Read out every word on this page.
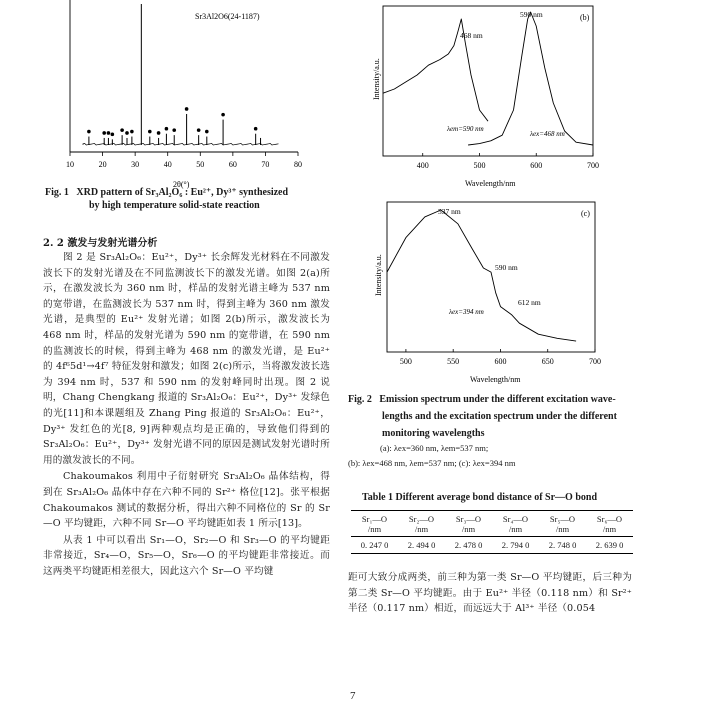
10	20	30	40	50	60	70	80
Sr3Al2O6(24-1187)
2θ(°)
Fig. 1 XRD pattern of Sr₃Al₂O₆ : Eu²⁺, Dy³⁺ synthesized
by high temperature solid-state reaction
2. 2 激发与发射光谱分析

图 2 是 Sr₃Al₂O₆：Eu²⁺，Dy³⁺ 长余辉发光材料在不同激发波长下的发射光谱及在不同监测波长下的激发光谱。如图 2(a)所示，在激发波长为 360 nm 时，样品的发射光谱主峰为 537 nm 的宽带谱，在监测波长为 537 nm 时，得到主峰为 360 nm 激发光谱，是典型的 Eu²⁺ 发射光谱；如图 2(b)所示，激发波长为 468 nm 时，样品的发射光谱为 590 nm 的宽带谱，在 590 nm 的监测波长的时候，得到主峰为 468 nm 的激发光谱，是 Eu²⁺ 的 4f⁶5d¹→4f⁷ 特征发射和激发；如图 2(c)所示，当将激发波长选为 394 nm 时，537 和 590 nm 的发射峰同时出现。图 2 说明，Chang Chengkang 报道的 Sr₃Al₂O₆：Eu²⁺，Dy³⁺ 发绿色的光[11]和本课题组及 Zhang Ping 报道的 Sr₃Al₂O₆：Eu²⁺，Dy³⁺ 发红色的光[8, 9]两种观点均是正确的，导致他们得到的 Sr₃Al₂O₆：Eu²⁺，Dy³⁺ 发射光谱不同的原因是测试发射光谱时所用的激发波长的不同。

Chakoumakos 利用中子衍射研究 Sr₃Al₂O₆ 晶体结构，得到在 Sr₃Al₂O₆ 晶体中存在六种不同的 Sr²⁺ 格位[12]。张平根据 Chakoumakos 测试的数据分析，得出六种不同格位的 Sr 的 Sr—O 平均键距，六种不同 Sr—O 平均键距如表 1 所示[13]。

从表 1 中可以看出 Sr₁—O，Sr₂—O 和 Sr₃—O 的平均键距非常接近，Sr₄—O，Sr₅—O，Sr₆—O 的平均键距非常接近。而这两类平均键距相差很大，因此这六个 Sr—O 平均键

距可大致分成两类，前三种为第一类 Sr—O 平均键距，后三种为第二类 Sr—O 平均键距。由于 Eu²⁺ 半径（0.118 nm）和 Sr²⁺ 半径（0.117 nm）相近，而远远大于 Al³⁺ 半径（0.054

400	500	600	700
(b)
468 nm
590 nm
λem=590 nm
λex=468 nm
Intensity/a.u.
Wavelength/nm
500	550	600	650	700
(c)
537 nm
590 nm
612 nm
λex=394 nm
Intensity/a.u.
Wavelength/nm
Fig. 2 Emission spectrum under the different excitation wave-
lengths and the excitation spectrum under the different
monitoring wavelengths
(a): λex=360 nm, λem=537 nm;
(b): λex=468 nm, λem=537 nm; (c): λex=394 nm
Table 1 Different average bond distance of Sr—O bond
Sr₁—O	Sr₂—O	Sr₃—O	Sr₄—O	Sr₅—O	Sr₆—O
/nm	/nm	/nm	/nm	/nm	/nm
0. 247 0	2. 494 0	2. 478 0	2. 794 0	2. 748 0	2. 639 0
7
